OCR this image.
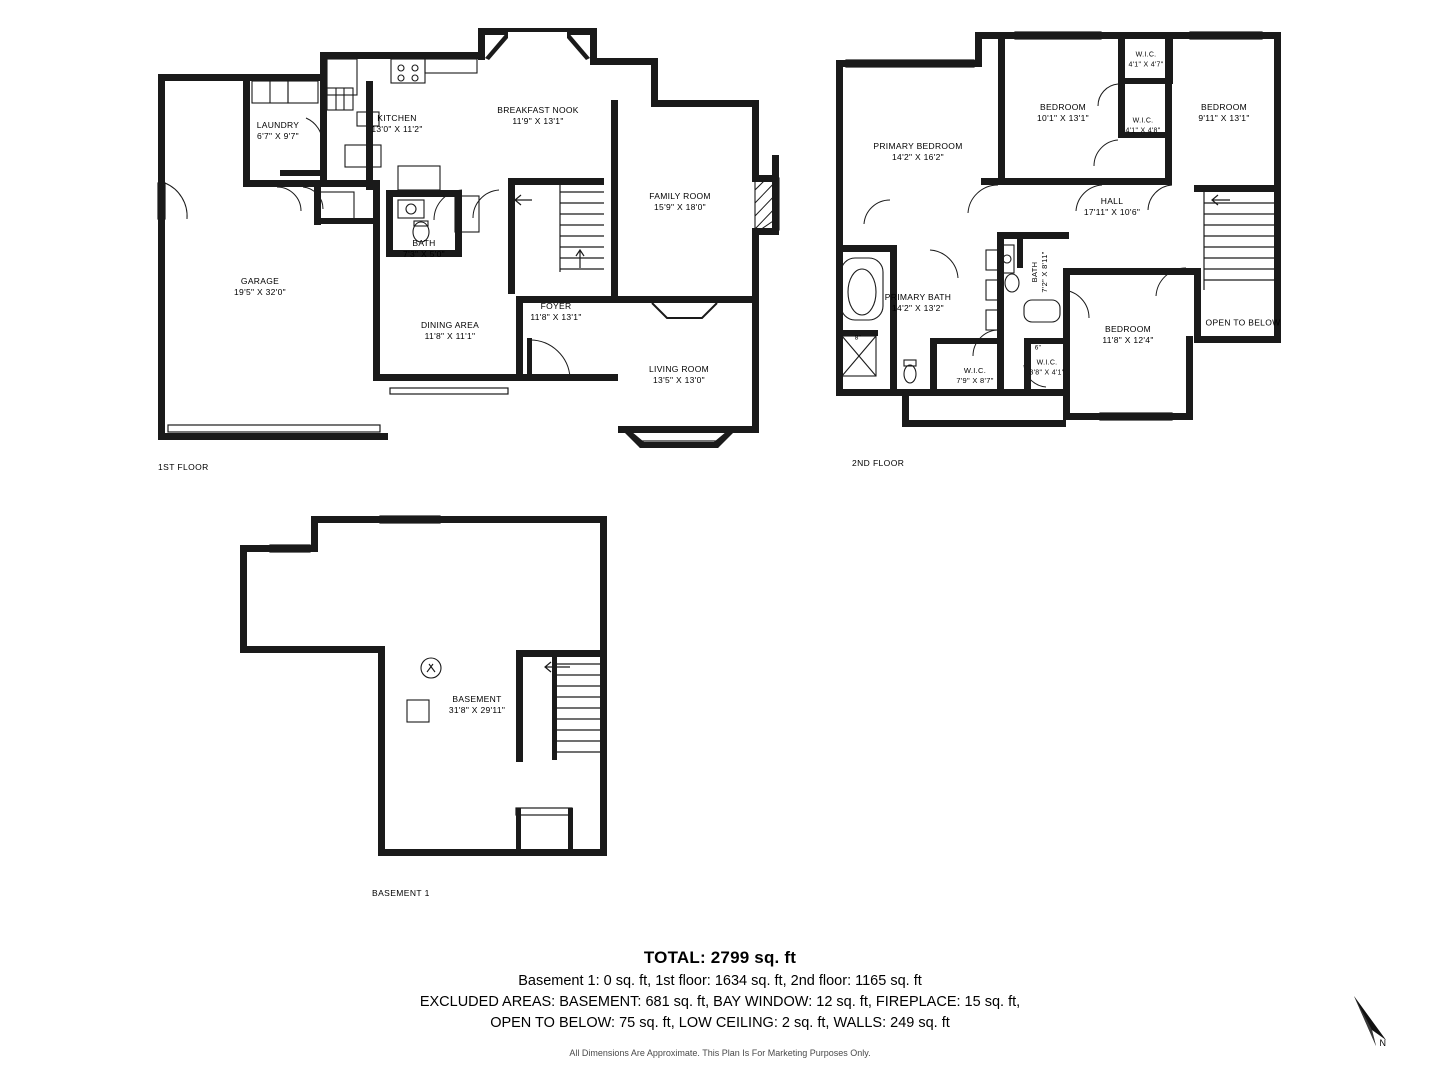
1ST FLOOR
LAUNDRY
6'7" X 9'7"
KITCHEN
13'0" X 11'2"
BREAKFAST NOOK
11'9" X 13'1"
FAMILY ROOM
15'9" X 18'0"
BATH
7'3" X 5'0"
GARAGE
19'5" X 32'0"
DINING AREA
11'8" X 11'1"
FOYER
11'8" X 13'1"
LIVING ROOM
13'5" X 13'0"
2ND FLOOR
PRIMARY BEDROOM
14'2" X 16'2"
BEDROOM
10'1" X 13'1"
W.I.C.
4'1" X 4'7"
BEDROOM
9'11" X 13'1"
W.I.C.
4'1" X 4'8"
HALL
17'11" X 10'6"
PRIMARY BATH
14'2" X 13'2"
BATH 7'2" X 8'11"
BEDROOM
11'8" X 12'4"
OPEN TO BELOW
W.I.C.
7'9" X 8'7"
W.I.C.
3'8" X 4'1"
8"
6"
BASEMENT 1
BASEMENT
31'8" X 29'11"
TOTAL: 2799 sq. ft
Basement 1: 0 sq. ft, 1st floor: 1634 sq. ft, 2nd floor: 1165 sq. ft
EXCLUDED AREAS: BASEMENT: 681 sq. ft, BAY WINDOW: 12 sq. ft, FIREPLACE: 15 sq. ft,
OPEN TO BELOW: 75 sq. ft, LOW CEILING: 2 sq. ft, WALLS: 249 sq. ft
All Dimensions Are Approximate. This Plan Is For Marketing Purposes Only.
N
